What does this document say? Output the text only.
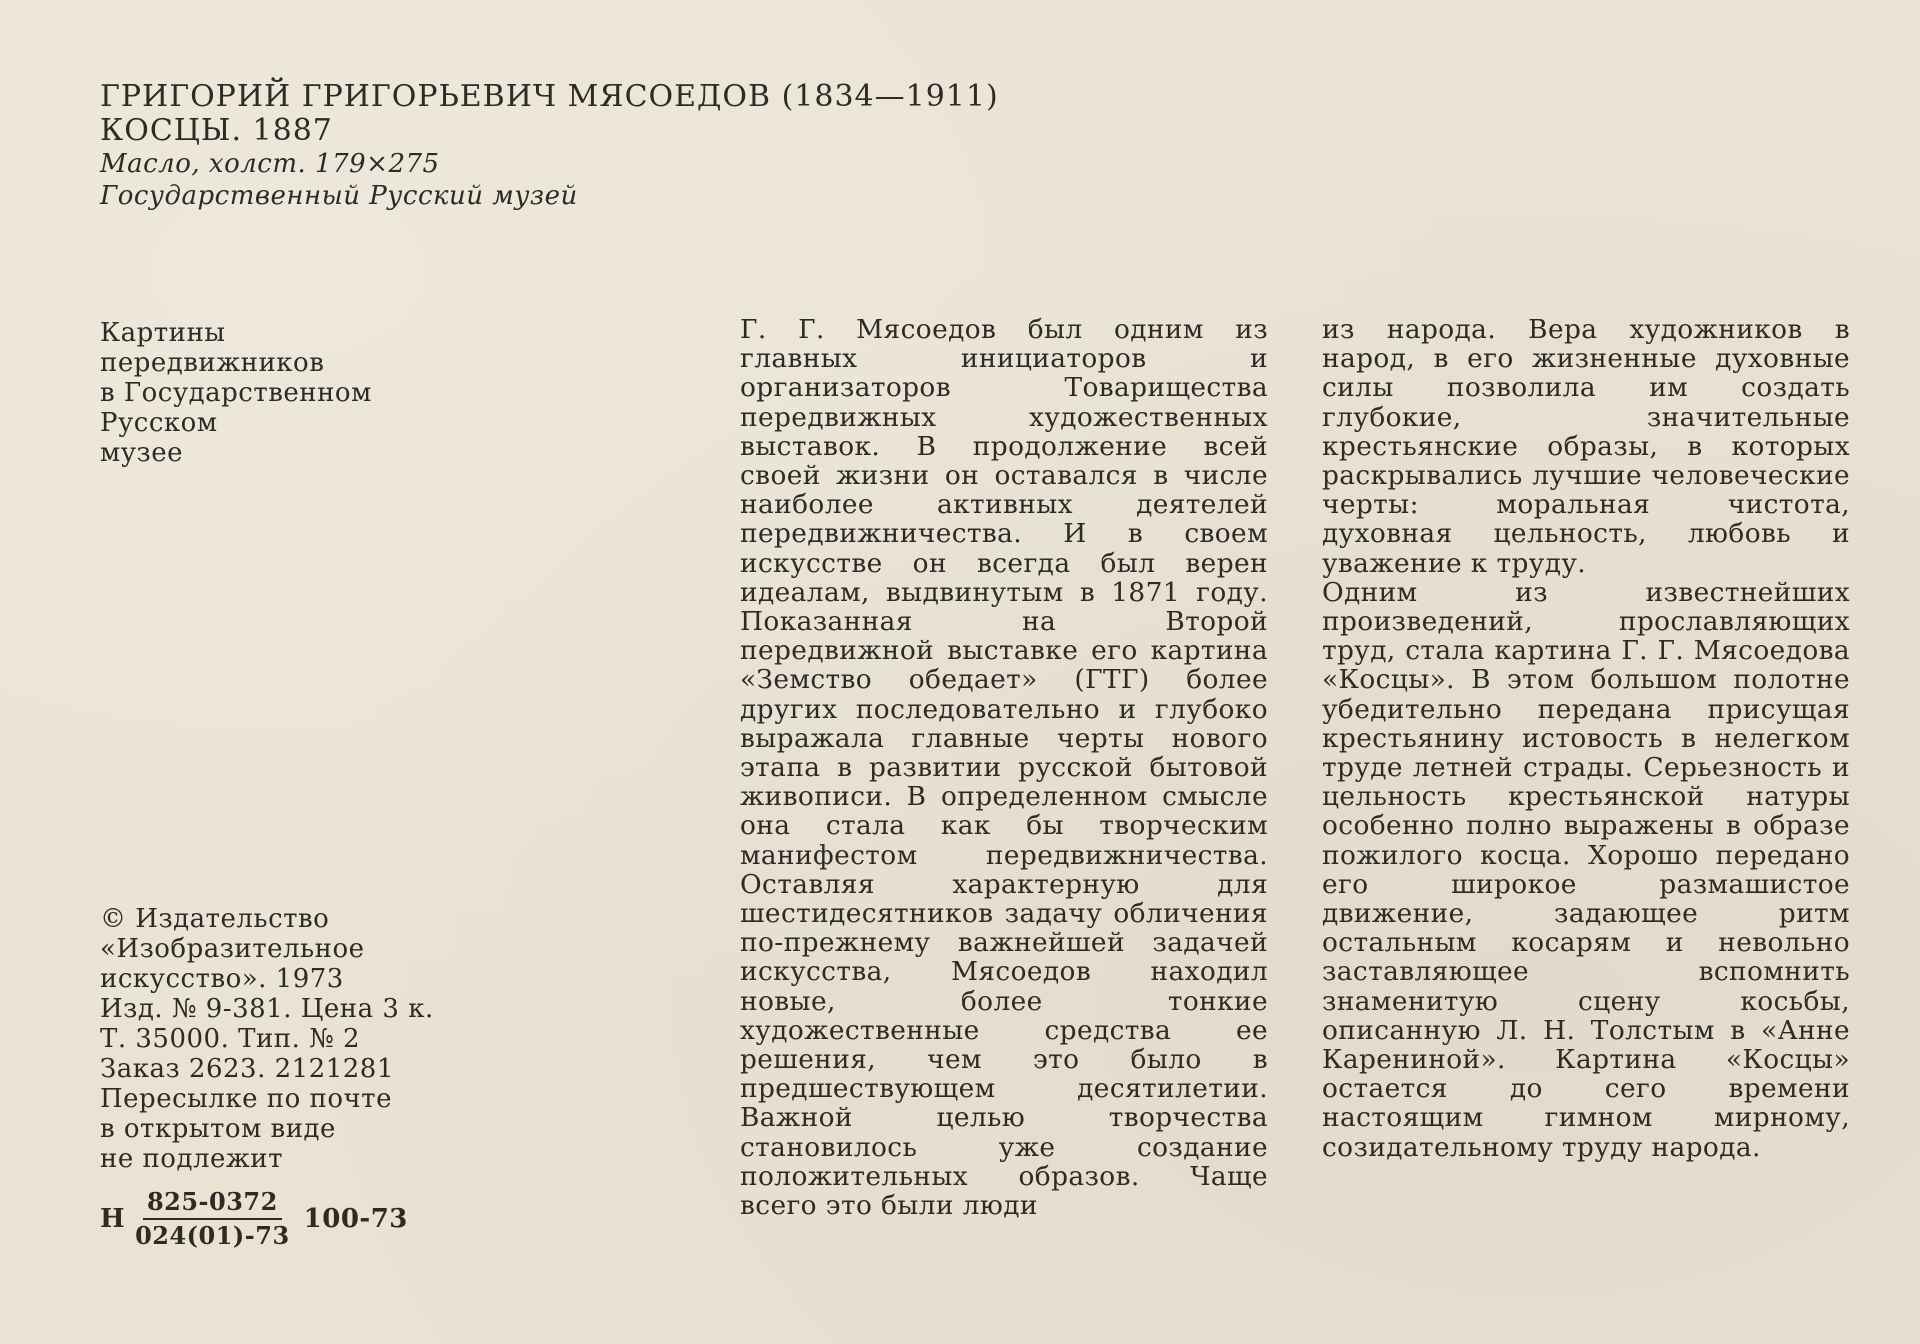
ГРИГОРИЙ ГРИГОРЬЕВИЧ МЯСОЕДОВ (1834—1911)
КОСЦЫ. 1887
Масло, холст. 179×275
Государственный Русский музей
Картины
передвижников
в Государственном
Русском
музее
© Издательство
«Изобразительное
искусство». 1973
Изд. № 9-381. Цена 3 к.
Т. 35000. Тип. № 2
Заказ 2623. 2121281
Пересылке по почте
в открытом виде
не подлежит
Н $\frac{825-0372}{024(01)-73} 100-73$

Г. Г. Мясоедов был одним из главных инициаторов и организаторов Товарищества передвижных художественных выставок. В продолжение всей своей жизни он оставался в числе наиболее активных деятелей передвижничества. И в своем искусстве он всегда был верен идеалам, выдвинутым в 1871 году. Показанная на Второй передвижной выставке его картина «Земство обедает» (ГТГ) более других последовательно и глубоко выражала главные черты нового этапа в развитии русской бытовой живописи. В определенном смысле она стала как бы творческим манифестом передвижничества. Оставляя характерную для шестидесятников задачу обличения по-прежнему важнейшей задачей искусства, Мясоедов находил новые, более тонкие художественные средства ее решения, чем это было в предшествующем десятилетии. Важной целью творчества становилось уже создание положительных образов. Чаще всего это были люди

из народа. Вера художников в народ, в его жизненные духовные силы позволила им создать глубокие, значительные крестьянские образы, в которых раскрывались лучшие человеческие черты: моральная чистота, духовная цельность, любовь и уважение к труду.

Одним из известнейших произведений, прославляющих труд, стала картина Г. Г. Мясоедова «Косцы». В этом большом полотне убедительно передана присущая крестьянину истовость в нелегком труде летней страды. Серьезность и цельность крестьянской натуры особенно полно выражены в образе пожилого косца. Хорошо передано его широкое размашистое движение, задающее ритм остальным косарям и невольно заставляющее вспомнить знаменитую сцену косьбы, описанную Л. Н. Толстым в «Анне Карениной». Картина «Косцы» остается до сего времени настоящим гимном мирному, созидательному труду народа.
